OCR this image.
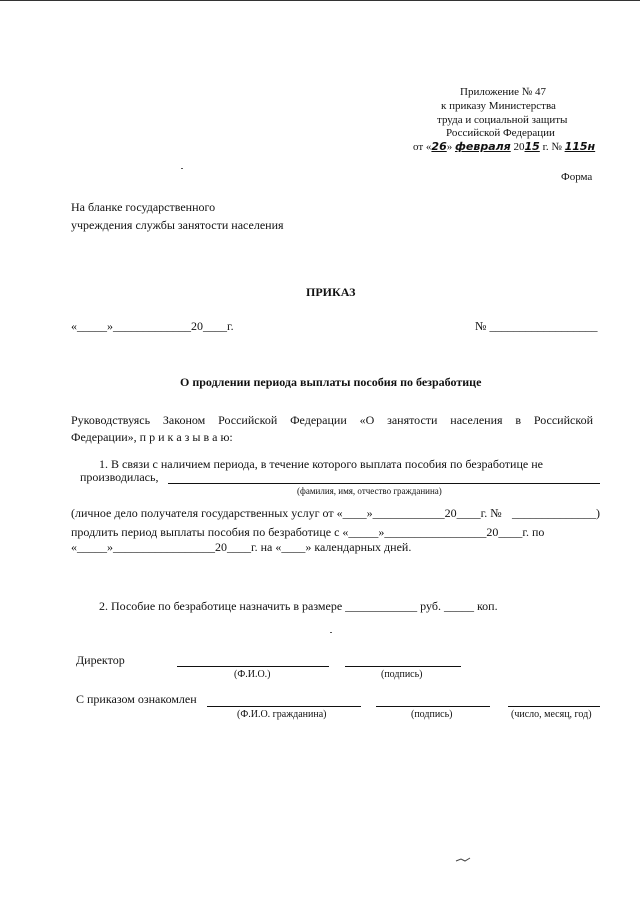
Приложение № 47
к приказу Министерства
труда и социальной защиты
Российской Федерации
от «26» февраля 2015 г. № 115н
Форма
На бланке государственного
учреждения службы занятости населения
ПРИКАЗ
«_____»_____________20____г.	№ __________________
О продлении периода выплаты пособия по безработице
Руководствуясь Законом Российской Федерации «О занятости населения в Российской
Федерации», п р и к а з ы в а ю:
1. В связи с наличием периода, в течение которого выплата пособия по безработице не
производилась,
(фамилия, имя, отчество гражданина)
(личное дело получателя государственных услуг от «____»____________20____г. № ______________)
продлить период выплаты пособия по безработице с «_____»_________________20____г. по
«_____»_________________20____г. на «____» календарных дней.
2. Пособие по безработице назначить в размере ____________ руб. _____ коп.
Директор
(Ф.И.О.)	(подпись)
С приказом ознакомлен
(Ф.И.О. гражданина)	(подпись)	(число, месяц, год)
